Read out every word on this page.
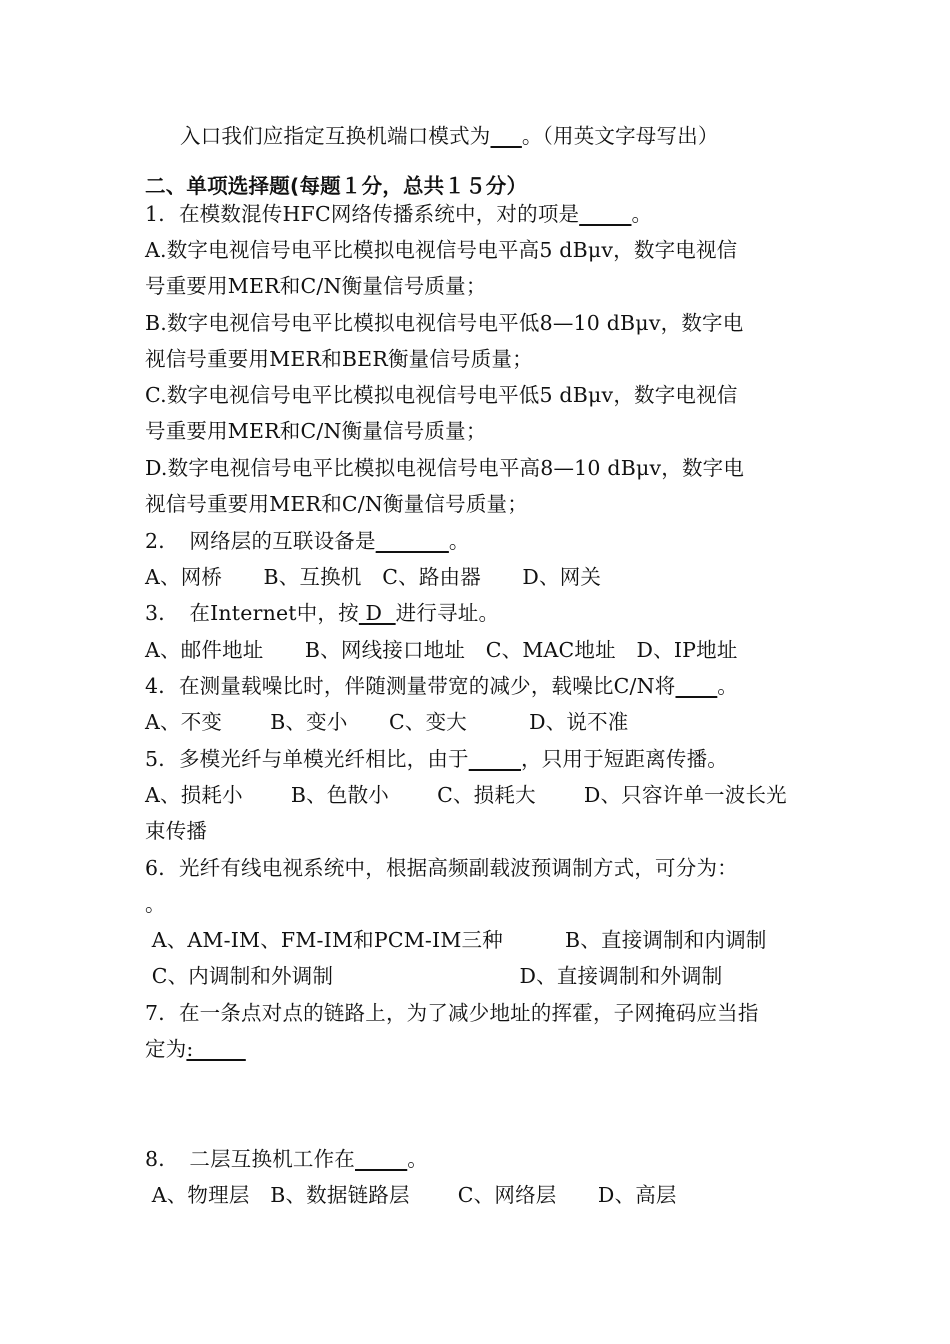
入口我们应指定互换机端口模式为___。（用英文字母写出）
二、单项选择题(每题１分，总共１５分）
1．在模数混传HFC网络传播系统中，对的项是_____。
A.数字电视信号电平比模拟电视信号电平高5 dBμv，数字电视信
号重要用MER和C/N衡量信号质量；
B.数字电视信号电平比模拟电视信号电平低8—10 dBμv，数字电
视信号重要用MER和BER衡量信号质量；
C.数字电视信号电平比模拟电视信号电平低5 dBμv，数字电视信
号重要用MER和C/N衡量信号质量；
D.数字电视信号电平比模拟电视信号电平高8—10 dBμv，数字电
视信号重要用MER和C/N衡量信号质量；
2．　网络层的互联设备是_______。
A、网桥　　B、互换机　C、路由器　　D、网关
3．　在Internet中，按 D  进行寻址。
A、邮件地址　　B、网线接口地址　C、MAC地址　D、IP地址
4．在测量载噪比时，伴随测量带宽的减少，载噪比C/N将____。
A、不变　　 B、变小　　C、变大　　　D、说不准
5．多模光纤与单模光纤相比，由于_____，只用于短距离传播。
A、损耗小　　 B、色散小　　 C、损耗大　　 D、只容许单一波长光
束传播
6．光纤有线电视系统中，根据高频副载波预调制方式，可分为：
。
A、AM-IM、FM-IM和PCM-IM三种　　　B、直接调制和内调制
C、内调制和外调制　　　　　　　　　D、直接调制和外调制
7．在一条点对点的链路上，为了减少地址的挥霍，子网掩码应当指
定为:_____
8．　二层互换机工作在_____。
A、物理层　B、数据链路层　　 C、网络层　　D、高层
